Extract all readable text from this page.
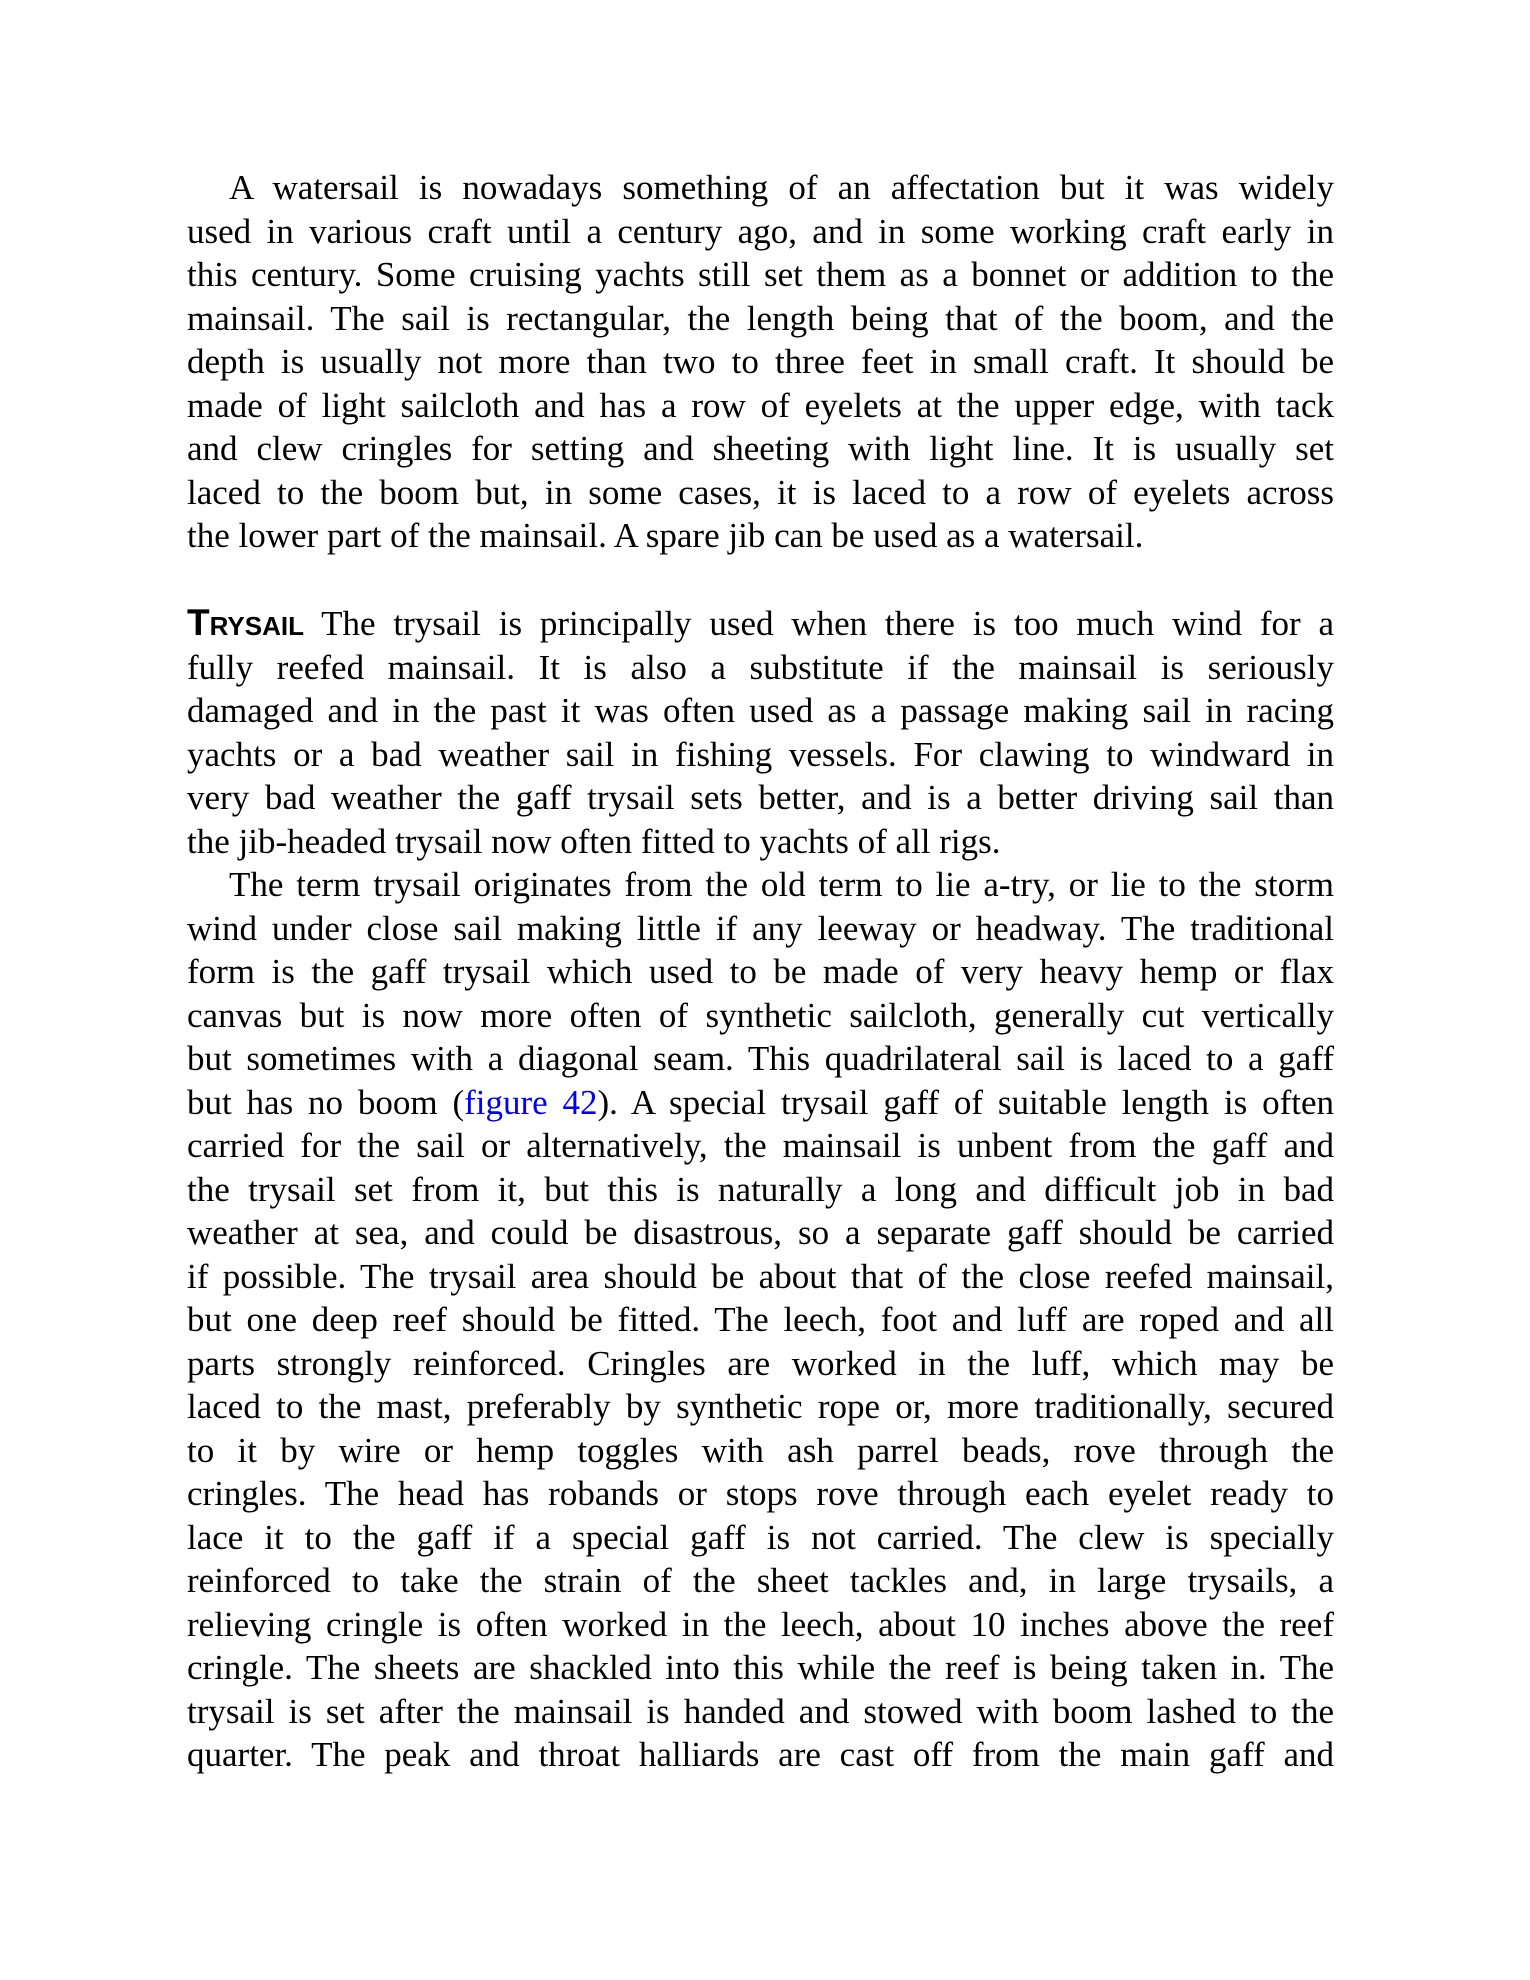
A watersail is nowadays something of an affectation but it was widely
used in various craft until a century ago, and in some working craft early in
this century. Some cruising yachts still set them as a bonnet or addition to the
mainsail. The sail is rectangular, the length being that of the boom, and the
depth is usually not more than two to three feet in small craft. It should be
made of light sailcloth and has a row of eyelets at the upper edge, with tack
and clew cringles for setting and sheeting with light line. It is usually set
laced to the boom but, in some cases, it is laced to a row of eyelets across
the lower part of the mainsail. A spare jib can be used as a watersail.
Trysail The trysail is principally used when there is too much wind for a
fully reefed mainsail. It is also a substitute if the mainsail is seriously
damaged and in the past it was often used as a passage making sail in racing
yachts or a bad weather sail in fishing vessels. For clawing to windward in
very bad weather the gaff trysail sets better, and is a better driving sail than
the jib-headed trysail now often fitted to yachts of all rigs.
The term trysail originates from the old term to lie a-try, or lie to the storm
wind under close sail making little if any leeway or headway. The traditional
form is the gaff trysail which used to be made of very heavy hemp or flax
canvas but is now more often of synthetic sailcloth, generally cut vertically
but sometimes with a diagonal seam. This quadrilateral sail is laced to a gaff
but has no boom (figure 42). A special trysail gaff of suitable length is often
carried for the sail or alternatively, the mainsail is unbent from the gaff and
the trysail set from it, but this is naturally a long and difficult job in bad
weather at sea, and could be disastrous, so a separate gaff should be carried
if possible. The trysail area should be about that of the close reefed mainsail,
but one deep reef should be fitted. The leech, foot and luff are roped and all
parts strongly reinforced. Cringles are worked in the luff, which may be
laced to the mast, preferably by synthetic rope or, more traditionally, secured
to it by wire or hemp toggles with ash parrel beads, rove through the
cringles. The head has robands or stops rove through each eyelet ready to
lace it to the gaff if a special gaff is not carried. The clew is specially
reinforced to take the strain of the sheet tackles and, in large trysails, a
relieving cringle is often worked in the leech, about 10 inches above the reef
cringle. The sheets are shackled into this while the reef is being taken in. The
trysail is set after the mainsail is handed and stowed with boom lashed to the
quarter. The peak and throat halliards are cast off from the main gaff and
